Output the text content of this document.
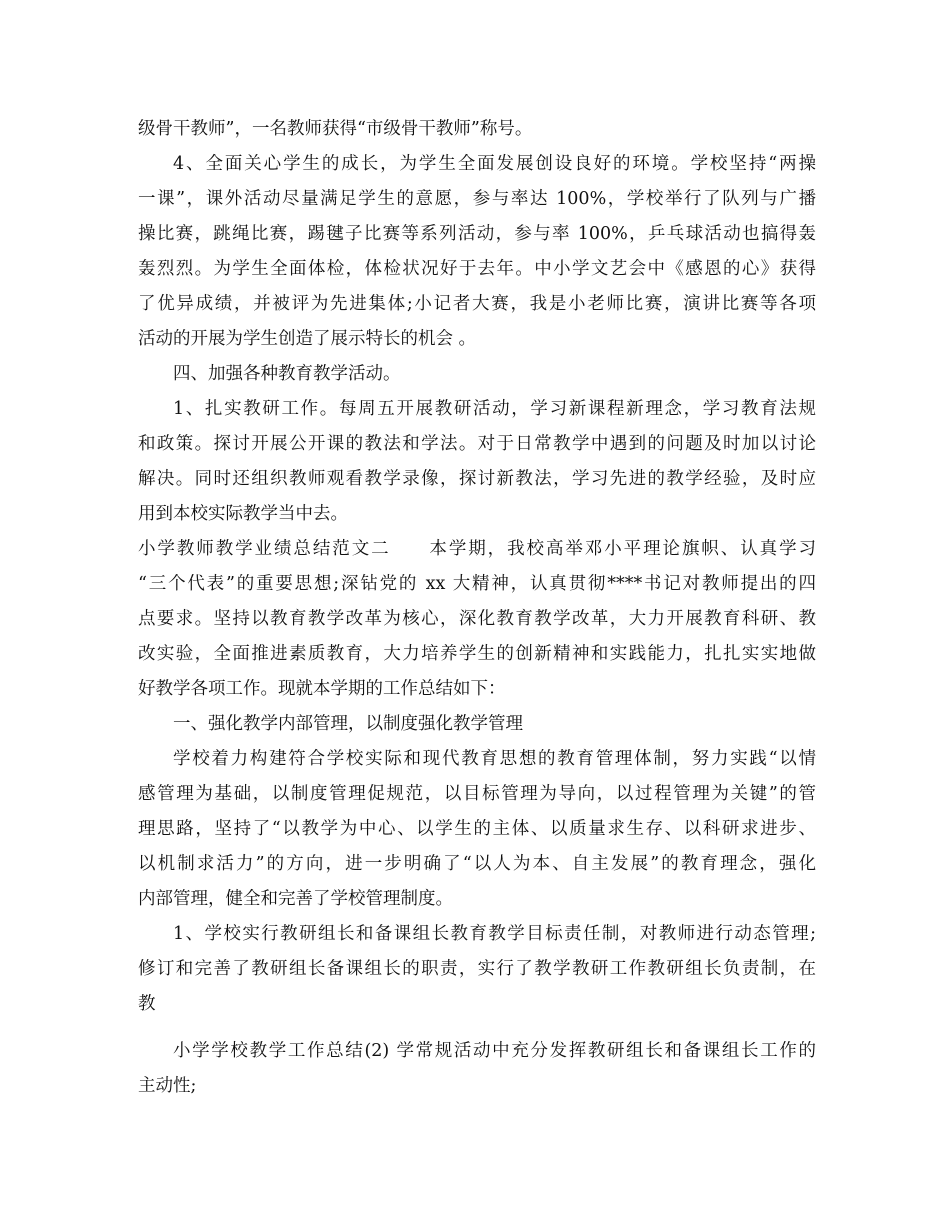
级骨干教师”，一名教师获得“市级骨干教师”称号。
4、全面关心学生的成长，为学生全面发展创设良好的环境。学校坚持“两操
一课”，课外活动尽量满足学生的意愿，参与率达 100%，学校举行了队列与广播
操比赛，跳绳比赛，踢毽子比赛等系列活动，参与率 100%，乒乓球活动也搞得轰
轰烈烈。为学生全面体检，体检状况好于去年。中小学文艺会中《感恩的心》获得
了优异成绩，并被评为先进集体;小记者大赛，我是小老师比赛，演讲比赛等各项
活动的开展为学生创造了展示特长的机会 。
四、加强各种教育教学活动。
1、扎实教研工作。每周五开展教研活动，学习新课程新理念，学习教育法规
和政策。探讨开展公开课的教法和学法。对于日常教学中遇到的问题及时加以讨论
解决。同时还组织教师观看教学录像，探讨新教法，学习先进的教学经验，及时应
用到本校实际教学当中去。
小学教师教学业绩总结范文二　　本学期，我校高举邓小平理论旗帜、认真学习
“三个代表”的重要思想;深钻党的 xx 大精神，认真贯彻****书记对教师提出的四
点要求。坚持以教育教学改革为核心，深化教育教学改革，大力开展教育科研、教
改实验，全面推进素质教育，大力培养学生的创新精神和实践能力，扎扎实实地做
好教学各项工作。现就本学期的工作总结如下：
一、强化教学内部管理，以制度强化教学管理
学校着力构建符合学校实际和现代教育思想的教育管理体制，努力实践“以情
感管理为基础，以制度管理促规范，以目标管理为导向，以过程管理为关键”的管
理思路，坚持了“以教学为中心、以学生的主体、以质量求生存、以科研求进步、
以机制求活力”的方向，进一步明确了“以人为本、自主发展”的教育理念，强化
内部管理，健全和完善了学校管理制度。
1、学校实行教研组长和备课组长教育教学目标责任制，对教师进行动态管理;
修订和完善了教研组长备课组长的职责，实行了教学教研工作教研组长负责制，在
教
小学学校教学工作总结(2) 学常规活动中充分发挥教研组长和备课组长工作的
主动性;
